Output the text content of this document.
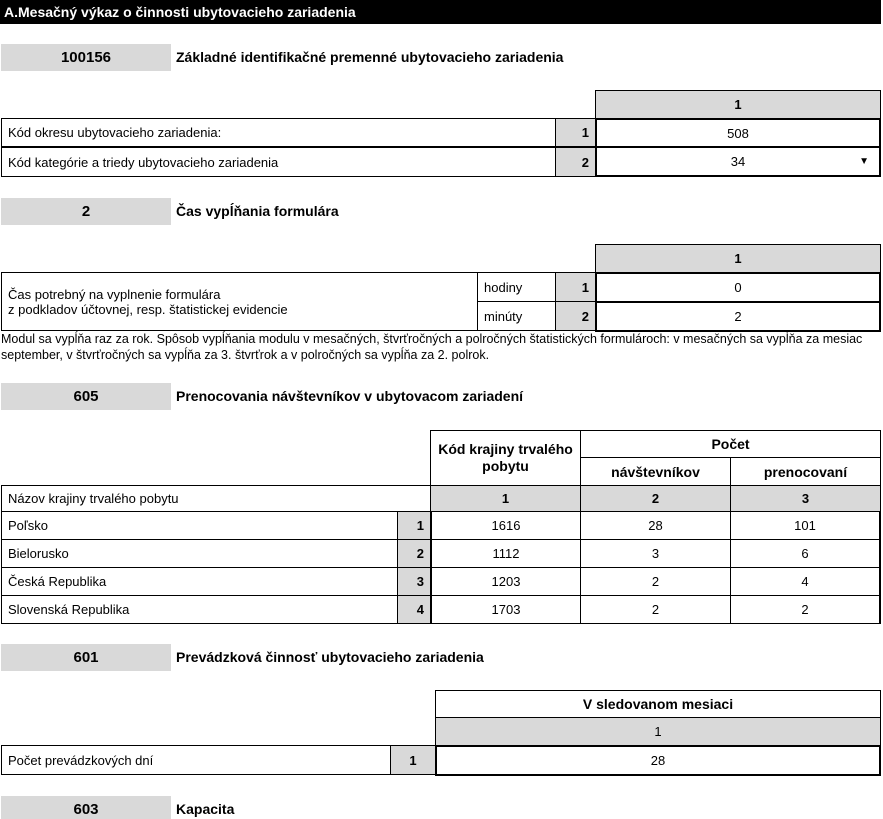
A.Mesačný výkaz o činnosti ubytovacieho zariadenia
100156	Základné identifikačné premenné ubytovacieho zariadenia
1
Kód okresu ubytovacieho zariadenia:	1	508
Kód kategórie a triedy ubytovacieho zariadenia	2	34	▼
2	Čas vypĺňania formulára
1
Čas potrebný na vyplnenie formulára
z podkladov účtovnej, resp. štatistickej evidencie
hodiny	1	0
minúty	2	2
Modul sa vypĺňa raz za rok. Spôsob vypĺňania modulu v mesačných, štvrťročných a polročných štatistických formulároch: v mesačných sa vypĺňa za mesiac september, v štvrťročných sa vypĺňa za 3. štvrťrok a v polročných sa vypĺňa za 2. polrok.
605	Prenocovania návštevníkov v ubytovacom zariadení
Kód krajiny trvalého pobytu
Počet
návštevníkov	prenocovaní
Názov krajiny trvalého pobytu	1	2	3
Poľsko	1	1616	28	101
Bielorusko	2	1112	3	6
Česká Republika	3	1203	2	4
Slovenská Republika	4	1703	2	2
601	Prevádzková činnosť ubytovacieho zariadenia
V sledovanom mesiaci
1
Počet prevádzkových dní	1	28
603	Kapacita
